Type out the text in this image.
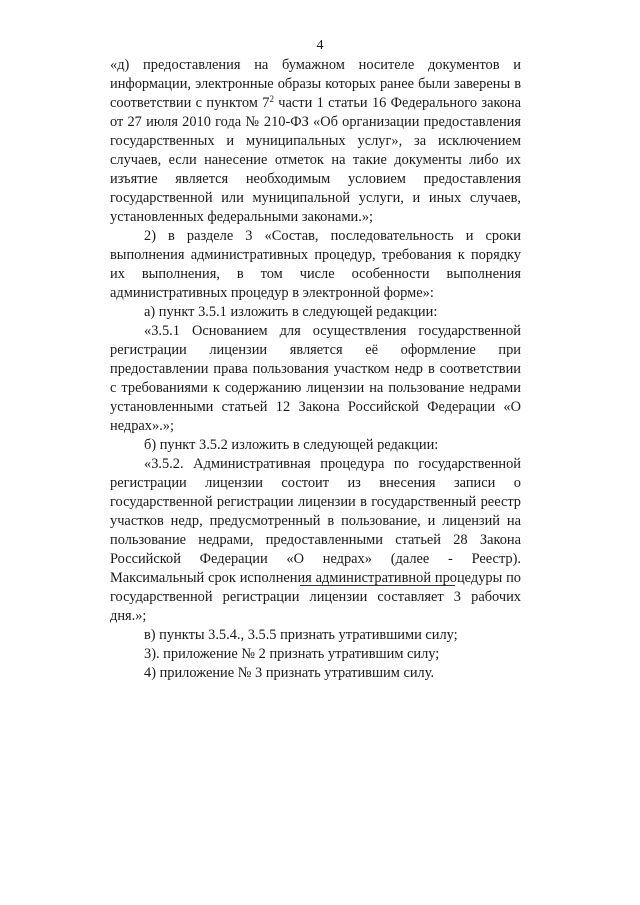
4

«д) предоставления на бумажном носителе документов и информации, электронные образы которых ранее были заверены в соответствии с пунктом $7^2$ части 1 статьи 16 Федерального закона от 27 июля 2010 года № 210-ФЗ «Об организации предоставления государственных и муниципальных услуг», за исключением случаев, если нанесение отметок на такие документы либо их изъятие является необходимым условием предоставления государственной или муниципальной услуги, и иных случаев, установленных федеральными законами.»;

2) в разделе 3 «Состав, последовательность и сроки выполнения административных процедур, требования к порядку их выполнения, в том числе особенности выполнения административных процедур в электронной форме»:

а) пункт 3.5.1 изложить в следующей редакции:

«3.5.1 Основанием для осуществления государственной регистрации лицензии является её оформление при предоставлении права пользования участком недр в соответствии с требованиями к содержанию лицензии на пользование недрами установленными статьей 12 Закона Российской Федерации «О недрах».»;

б) пункт 3.5.2 изложить в следующей редакции:

«3.5.2. Административная процедура по государственной регистрации лицензии состоит из внесения записи о государственной регистрации лицензии в государственный реестр участков недр, предусмотренный в пользование, и лицензий на пользование недрами, предоставленными статьей 28 Закона Российской Федерации «О недрах» (далее - Реестр). Максимальный срок исполнения административной процедуры по государственной регистрации лицензии составляет 3 рабочих дня.»;

в) пункты 3.5.4., 3.5.5 признать утратившими силу;

3). приложение № 2 признать утратившим силу;

4) приложение № 3 признать утратившим силу.
